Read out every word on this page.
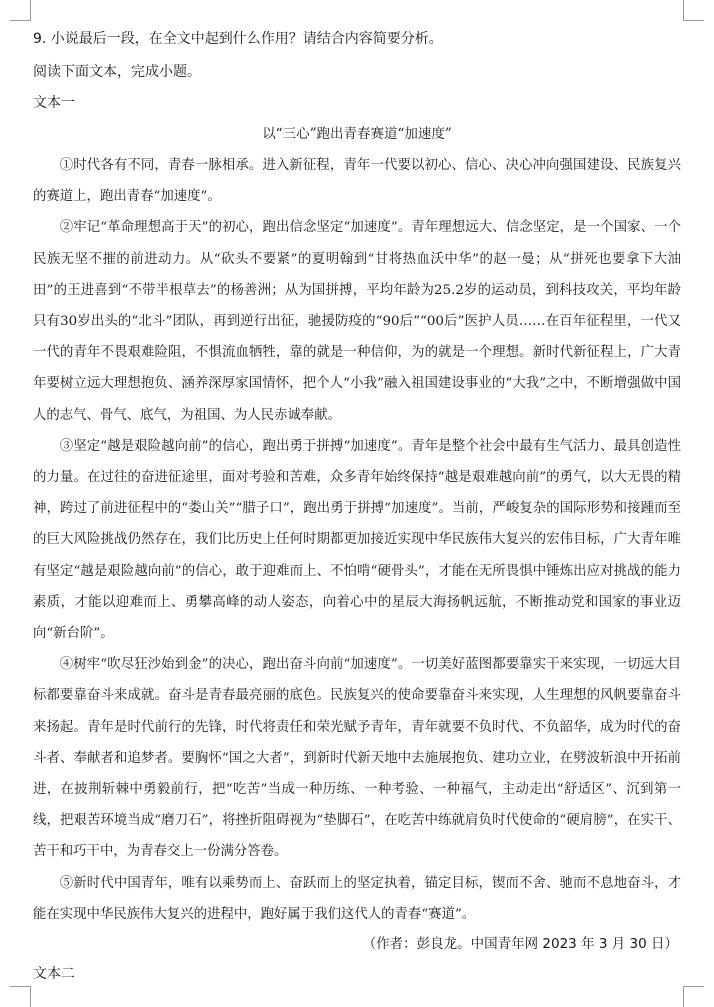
9. 小说最后一段，在全文中起到什么作用？请结合内容简要分析。
阅读下面文本，完成小题。
文本一
以“三心”跑出青春赛道“加速度”

①时代各有不同，青春一脉相承。进入新征程，青年一代要以初心、信心、决心冲向强国建设、民族复兴的赛道上，跑出青春“加速度”。

②牢记“革命理想高于天”的初心，跑出信念坚定“加速度”。青年理想远大、信念坚定，是一个国家、一个民族无坚不摧的前进动力。从“砍头不要紧”的夏明翰到“甘将热血沃中华”的赵一曼；从“拼死也要拿下大油田”的王进喜到“不带半根草去”的杨善洲；从为国拼搏，平均年龄为25.2岁的运动员，到科技攻关，平均年龄只有30岁出头的“北斗”团队，再到逆行出征，驰援防疫的“90后”“00后”医护人员……在百年征程里，一代又一代的青年不畏艰难险阻，不惧流血牺牲，靠的就是一种信仰，为的就是一个理想。新时代新征程上，广大青年要树立远大理想抱负、涵养深厚家国情怀，把个人“小我”融入祖国建设事业的“大我”之中，不断增强做中国人的志气、骨气、底气，为祖国、为人民赤诚奉献。

③坚定“越是艰险越向前”的信心，跑出勇于拼搏“加速度”。青年是整个社会中最有生气活力、最具创造性的力量。在过往的奋进征途里，面对考验和苦难，众多青年始终保持“越是艰难越向前”的勇气，以大无畏的精神，跨过了前进征程中的“娄山关”“腊子口”，跑出勇于拼搏“加速度”。当前，严峻复杂的国际形势和接踵而至的巨大风险挑战仍然存在，我们比历史上任何时期都更加接近实现中华民族伟大复兴的宏伟目标，广大青年唯有坚定“越是艰险越向前”的信心，敢于迎难而上、不怕啃“硬骨头”，才能在无所畏惧中锤炼出应对挑战的能力素质，才能以迎难而上、勇攀高峰的动人姿态，向着心中的星辰大海扬帆远航，不断推动党和国家的事业迈向“新台阶”。

④树牢“吹尽狂沙始到金”的决心，跑出奋斗向前“加速度”。一切美好蓝图都要靠实干来实现，一切远大目标都要靠奋斗来成就。奋斗是青春最亮丽的底色。民族复兴的使命要靠奋斗来实现，人生理想的风帆要靠奋斗来扬起。青年是时代前行的先锋，时代将责任和荣光赋予青年，青年就要不负时代、不负韶华，成为时代的奋斗者、奉献者和追梦者。要胸怀“国之大者”，到新时代新天地中去施展抱负、建功立业，在劈波斩浪中开拓前进，在披荆斩棘中勇毅前行，把“吃苦”当成一种历练、一种考验、一种福气，主动走出“舒适区”、沉到第一线，把艰苦环境当成“磨刀石”，将挫折阻碍视为“垫脚石”，在吃苦中练就肩负时代使命的“硬肩膀”，在实干、苦干和巧干中，为青春交上一份满分答卷。

⑤新时代中国青年，唯有以乘势而上、奋跃而上的坚定执着，锚定目标，锲而不舍、驰而不息地奋斗，才能在实现中华民族伟大复兴的进程中，跑好属于我们这代人的青春“赛道”。

（作者：彭良龙。中国青年网 2023 年 3 月 30 日）
文本二
